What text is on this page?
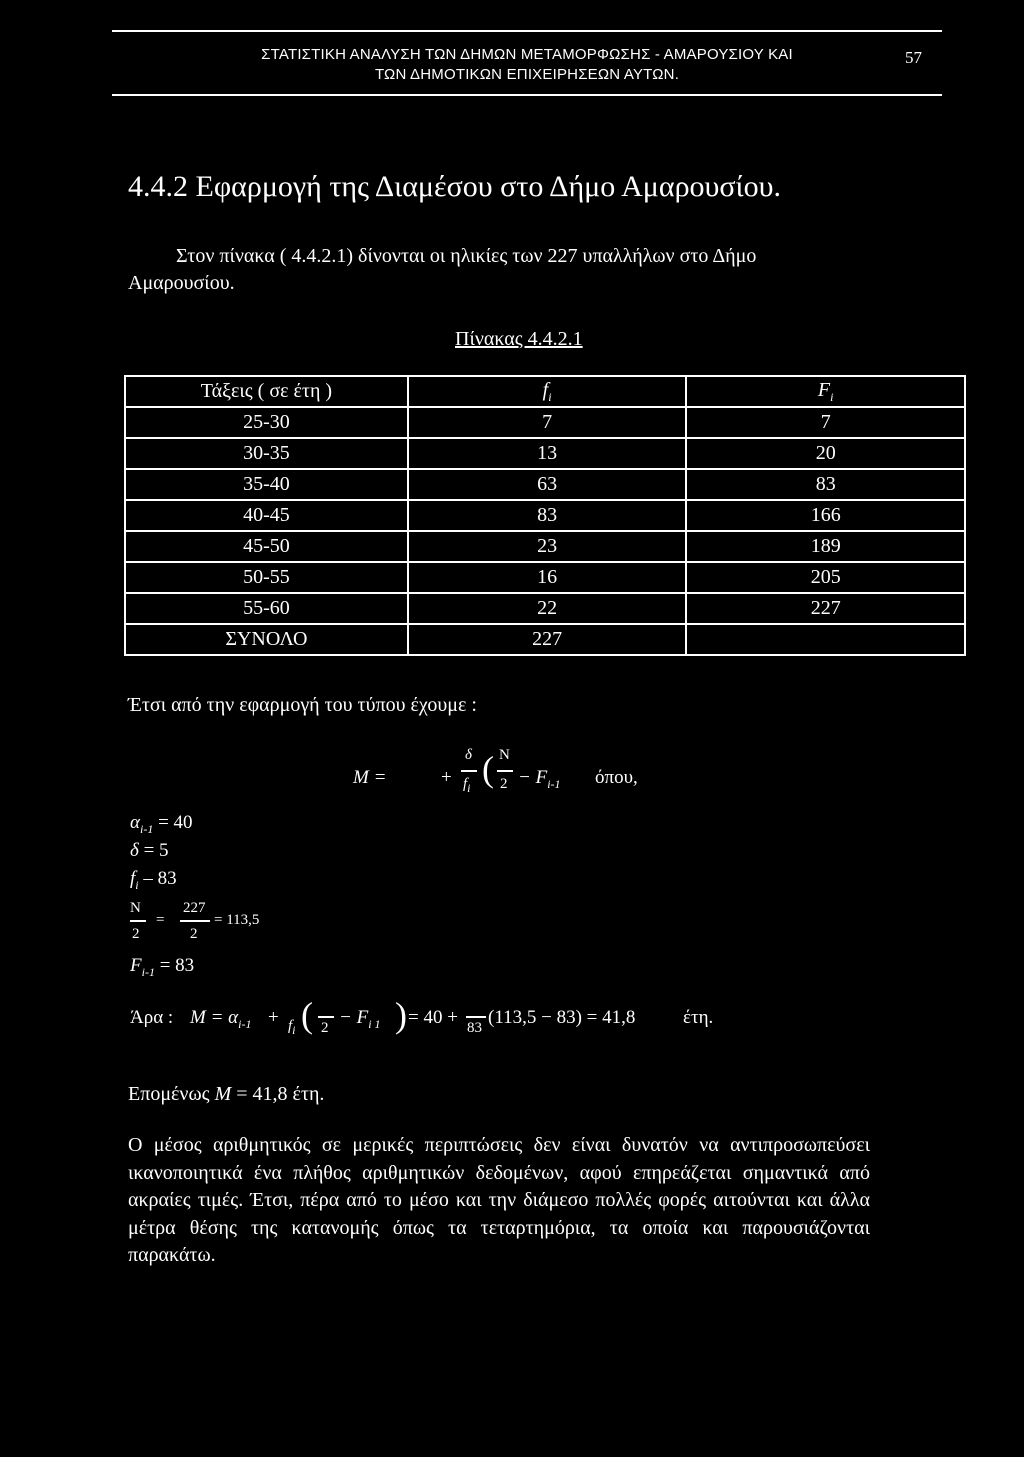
ΣΤΑΤΙΣΤΙΚΗ ΑΝΑΛΥΣΗ ΤΩΝ ΔΗΜΩΝ ΜΕΤΑΜΟΡΦΩΣΗΣ - ΑΜΑΡΟΥΣΙΟΥ ΚΑΙ
ΤΩΝ ΔΗΜΟΤΙΚΩΝ ΕΠΙΧΕΙΡΗΣΕΩΝ ΑΥΤΩΝ.
57
4.4.2 Εφαρμογή της Διαμέσου στο Δήμο Αμαρουσίου.
Στον πίνακα ( 4.4.2.1) δίνονται οι ηλικίες των 227 υπαλλήλων στο Δήμο
Αμαρουσίου.
Πίνακας 4.4.2.1
Τάξεις ( σε έτη )	$f_i$	$F_i$
25-30	7	7
30-35	13	20
35-40	63	83
40-45	83	166
45-50	23	189
50-55	16	205
55-60	22	227
ΣΥΝΟΛΟ	227	
Έτσι από την εφαρμογή του τύπου έχουμε :
M =	+
δ
$f_i$ ( N
$2 - F_{i-1}$ όπου,
$\alpha_{i-1} = 40$
δ = 5
$f_i - 83$
N
2
=
227
2
= 113,5
$F_{i-1} = 83$
Άρα : $M = \alpha_{i-1} + f_i$ ( $2 - F_{i 1}$ ) = 40 + 83 (113,5 − 83) = 41,8	έτη.
Επομένως M = 41,8 έτη.
Ο μέσος αριθμητικός σε μερικές περιπτώσεις δεν είναι δυνατόν να αντιπροσωπεύσει ικανοποιητικά ένα πλήθος αριθμητικών δεδομένων, αφού επηρεάζεται σημαντικά από ακραίες τιμές. Έτσι, πέρα από το μέσο και την διάμεσο πολλές φορές αιτούνται και άλλα μέτρα θέσης της κατανομής όπως τα τεταρτημόρια, τα οποία και παρουσιάζονται παρακάτω.
